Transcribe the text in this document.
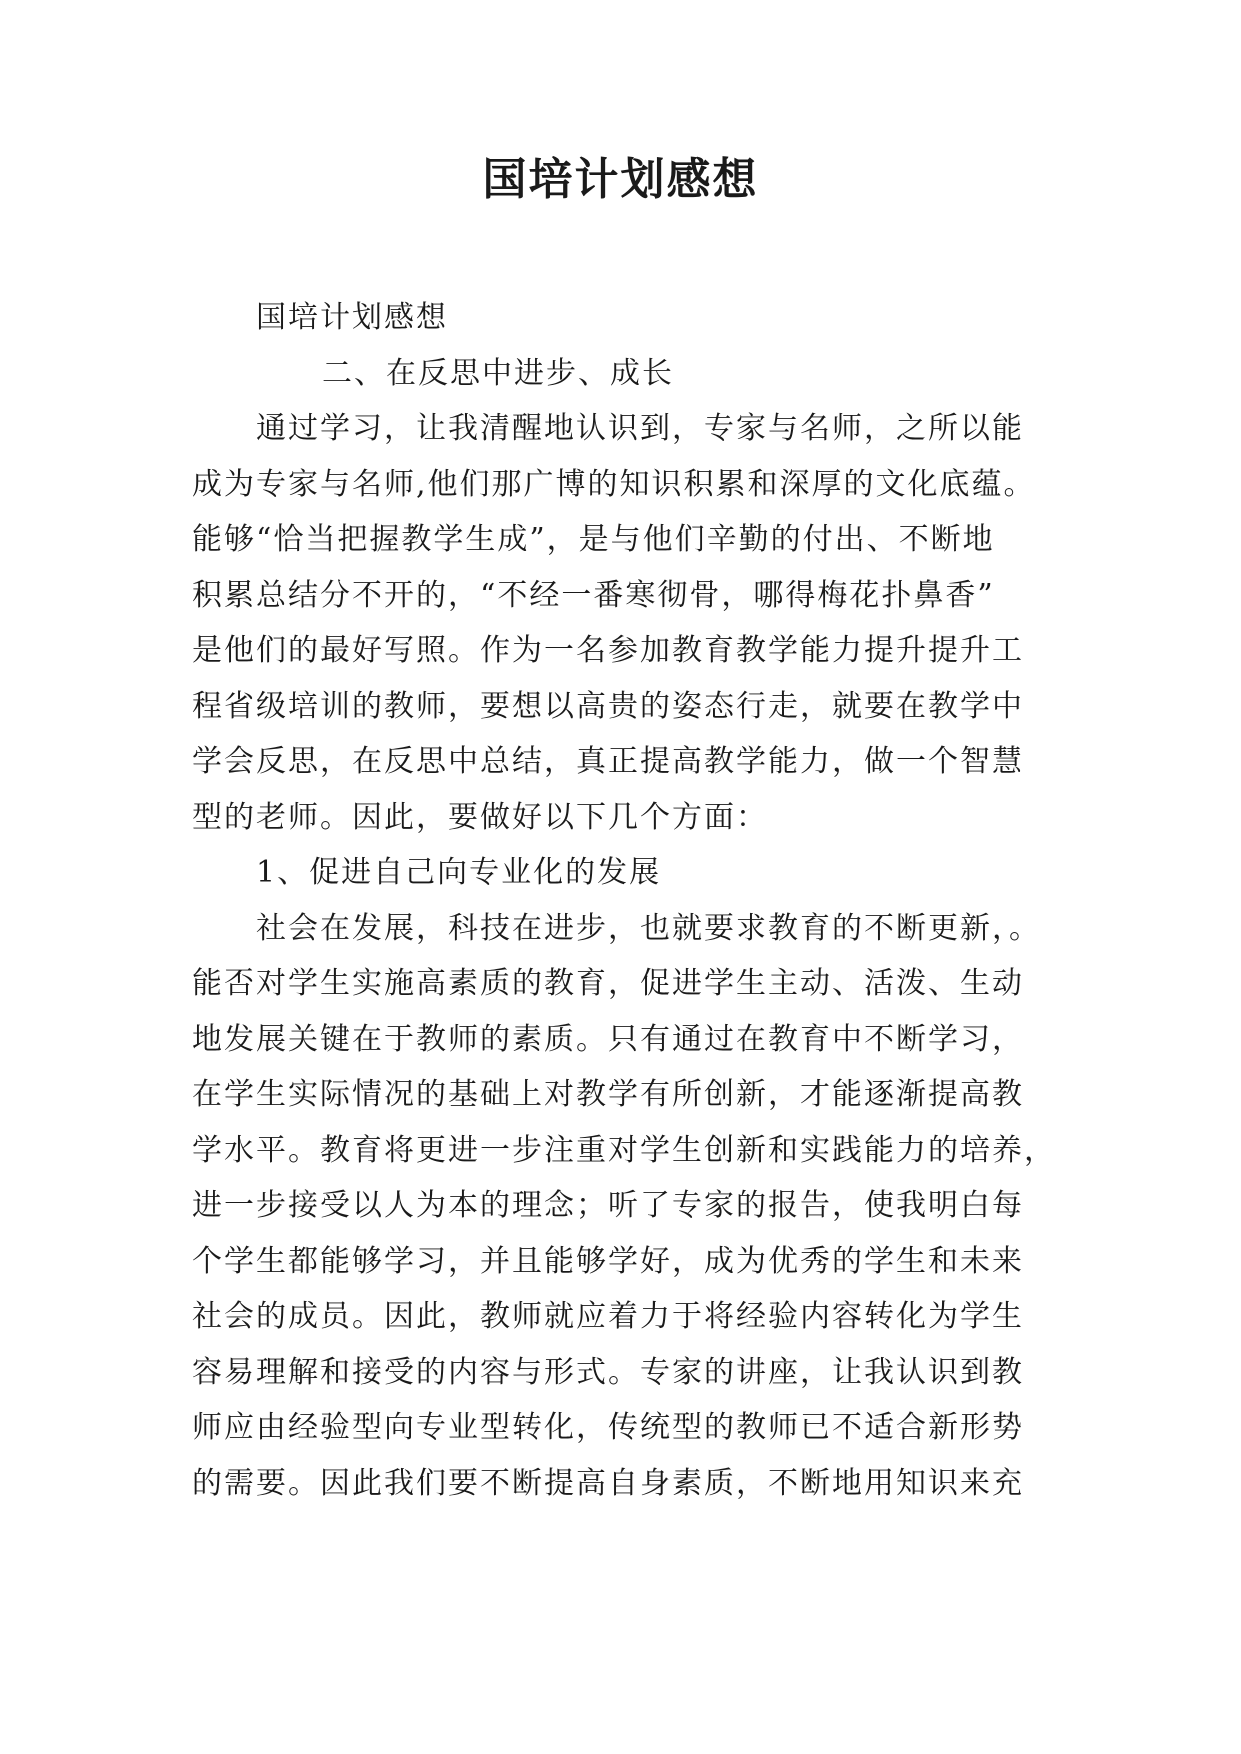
国培计划感想
国培计划感想
二、在反思中进步、成长
通过学习，让我清醒地认识到，专家与名师，之所以能
成为专家与名师,他们那广博的知识积累和深厚的文化底蕴。
能够“恰当把握教学生成”，是与他们辛勤的付出、不断地
积累总结分不开的，“不经一番寒彻骨，哪得梅花扑鼻香”
是他们的最好写照。作为一名参加教育教学能力提升提升工
程省级培训的教师，要想以高贵的姿态行走，就要在教学中
学会反思，在反思中总结，真正提高教学能力，做一个智慧
型的老师。因此，要做好以下几个方面：
1、促进自己向专业化的发展
社会在发展，科技在进步，也就要求教育的不断更新，。
能否对学生实施高素质的教育，促进学生主动、活泼、生动
地发展关键在于教师的素质。只有通过在教育中不断学习，
在学生实际情况的基础上对教学有所创新，才能逐渐提高教
学水平。教育将更进一步注重对学生创新和实践能力的培养，
进一步接受以人为本的理念；听了专家的报告，使我明白每
个学生都能够学习，并且能够学好，成为优秀的学生和未来
社会的成员。因此，教师就应着力于将经验内容转化为学生
容易理解和接受的内容与形式。专家的讲座，让我认识到教
师应由经验型向专业型转化，传统型的教师已不适合新形势
的需要。因此我们要不断提高自身素质，不断地用知识来充
